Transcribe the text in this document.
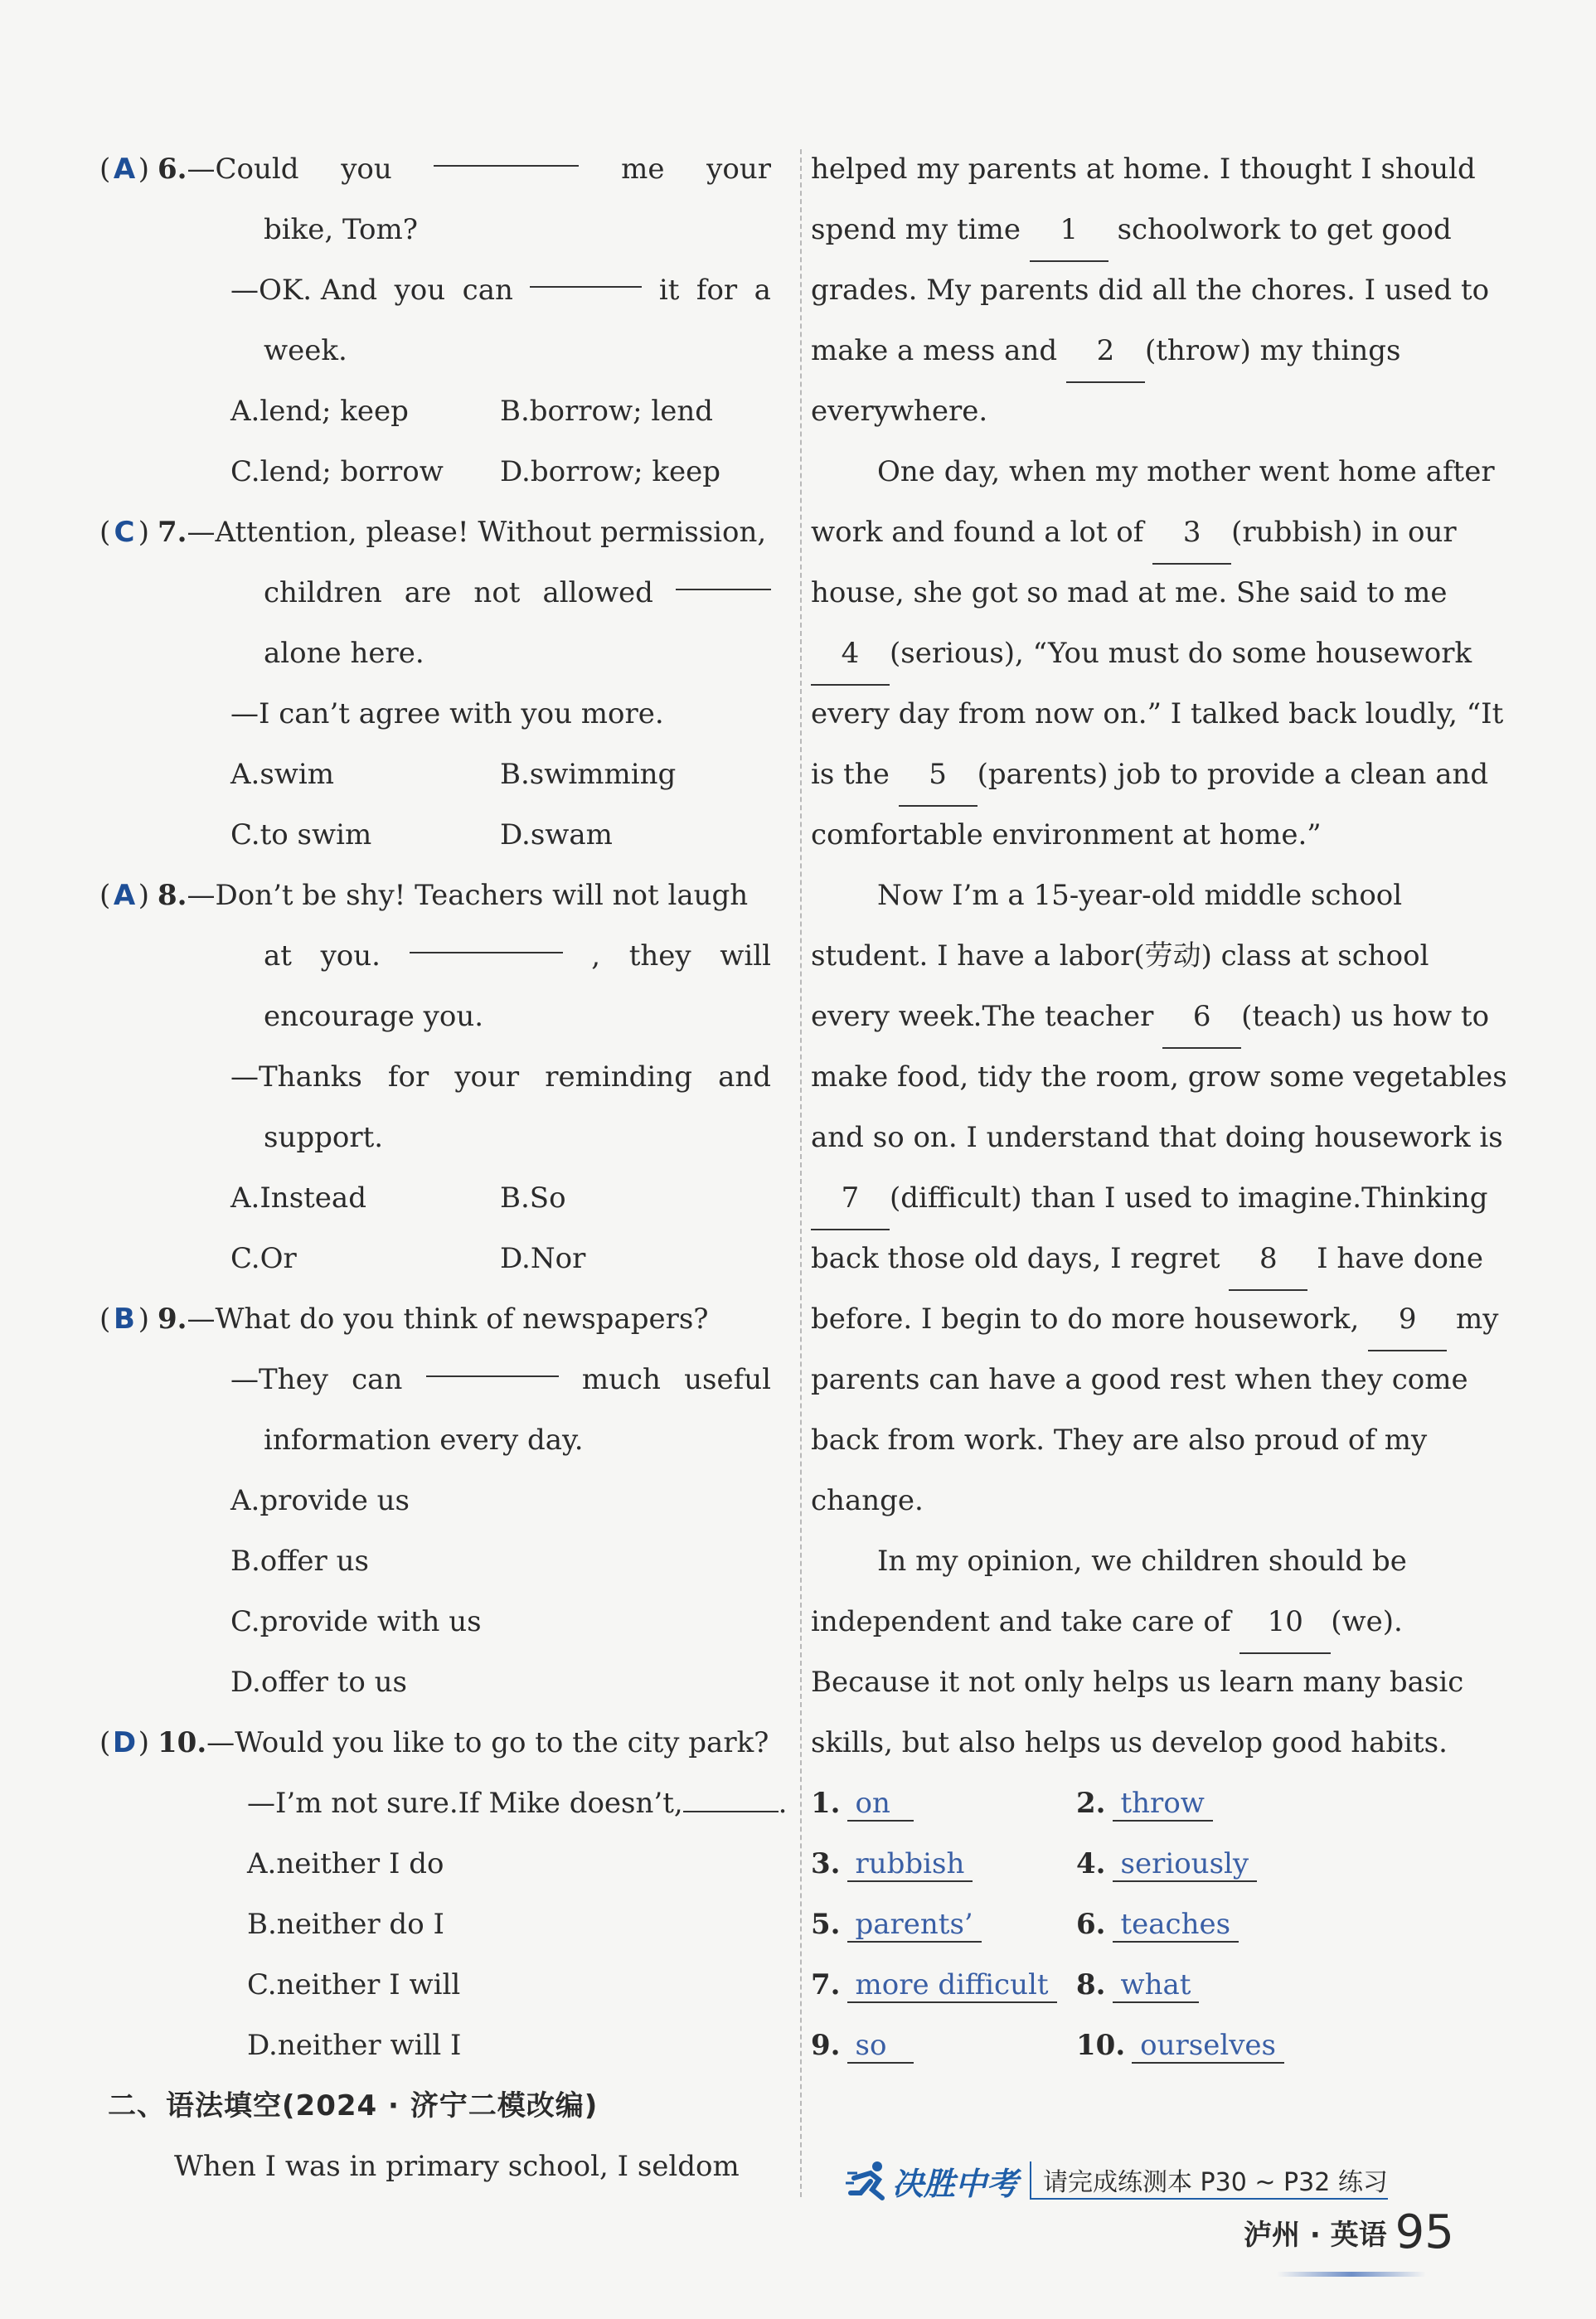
( A ) 6. —Could you	me your
bike, Tom?
—OK. And you can	it for a
week.
A.lend; keep	B.borrow; lend
C.lend; borrow	D.borrow; keep
( C ) 7. —Attention, please! Without permission,
children are not allowed
alone here.
—I can’t agree with you more.
A.swim	B.swimming
C.to swim	D.swam
( A ) 8. —Don’t be shy! Teachers will not laugh
at you.	, they will
encourage you.
—Thanks for your reminding and
support.
A.Instead	B.So
C.Or	D.Nor
( B ) 9. —What do you think of newspapers?
—They can	much useful
information every day.
A.provide us
B.offer us
C.provide with us
D.offer to us
( D ) 10. —Would you like to go to the city park?
—I’m not sure.If Mike doesn’t,	.
A.neither I do
B.neither do I
C.neither I will
D.neither will I
二、语法填空(2024 · 济宁二模改编)
When I was in primary school, I seldom
helped my parents at home. I thought I should
spend my time 1 schoolwork to get good
grades. My parents did all the chores. I used to
make a mess and 2 (throw) my things
everywhere.
One day, when my mother went home after
work and found a lot of 3 (rubbish) in our
house, she got so mad at me. She said to me
4 (serious), “You must do some housework
every day from now on.” I talked back loudly, “It
is the 5 (parents) job to provide a clean and
comfortable environment at home.”
Now I’m a 15-year-old middle school
student. I have a labor(劳动) class at school
every week.The teacher 6 (teach) us how to
make food, tidy the room, grow some vegetables
and so on. I understand that doing housework is
7 (difficult) than I used to imagine.Thinking
back those old days, I regret 8 I have done
before. I begin to do more housework, 9 my
parents can have a good rest when they come
back from work. They are also proud of my
change.
In my opinion, we children should be
independent and take care of 10 (we).
Because it not only helps us learn many basic
skills, but also helps us develop good habits.
1. on	2. throw
3. rubbish	4. seriously
5. parents’	6. teaches
7. more difficult 8. what
9. so	10. ourselves
决胜中考	请完成练测本 P30 ~ P32 练习
泸州 · 英语 95
